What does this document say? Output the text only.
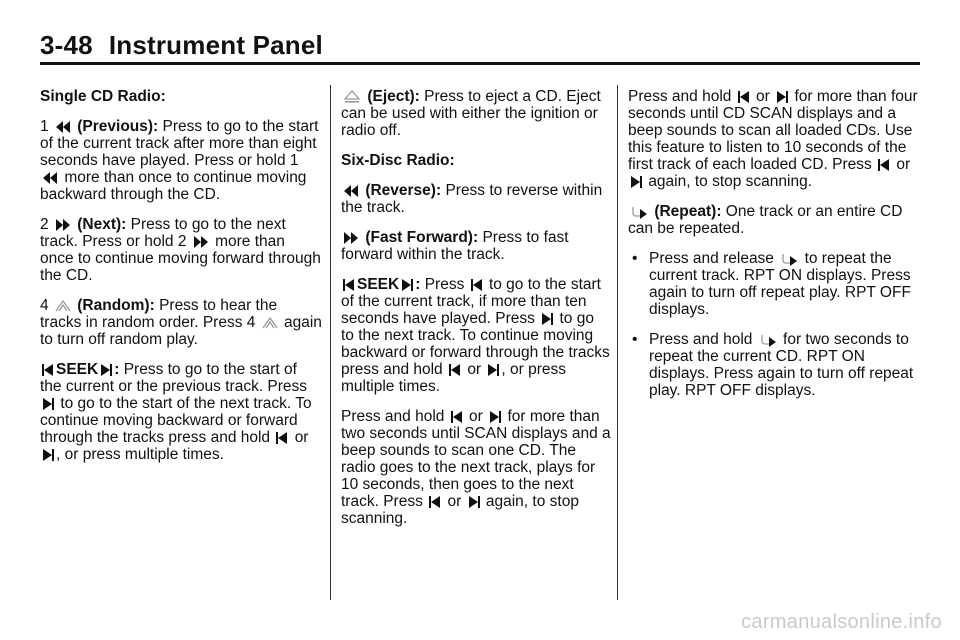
3-48 Instrument Panel

Single CD Radio:

1 (Previous): Press to go to the start of the current track after more than eight seconds have played. Press or hold 1
more than once to continue moving backward through the CD.

2 (Next): Press to go to the next track. Press or hold 2 more than once to continue moving forward through the CD.

4 (Random): Press to hear the tracks in random order. Press 4 again to turn off random play.

SEEK : Press to go to the start of the current or the previous track. Press
to go to the start of the next track. To continue moving backward or forward through the tracks press and hold or
, or press multiple times.

(Eject): Press to eject a CD. Eject can be used with either the ignition or radio off.

Six-Disc Radio:

(Reverse): Press to reverse within the track.

(Fast Forward): Press to fast forward within the track.

SEEK : Press to go to the start of the current track, if more than ten seconds have played. Press to go to the next track. To continue moving backward or forward through the tracks press and hold or , or press multiple times.

Press and hold or for more than two seconds until SCAN displays and a beep sounds to scan one CD. The radio goes to the next track, plays for 10 seconds, then goes to the next track. Press or again, to stop scanning.

Press and hold or for more than four seconds until CD SCAN displays and a beep sounds to scan all loaded CDs. Use this feature to listen to 10 seconds of the first track of each loaded CD. Press or
again, to stop scanning.

(Repeat): One track or an entire CD can be repeated.

• Press and release to repeat the current track. RPT ON displays. Press again to turn off repeat play. RPT OFF displays.
• Press and hold for two seconds to repeat the current CD. RPT ON displays. Press again to turn off repeat play. RPT OFF displays.
carmanualsonline.info
